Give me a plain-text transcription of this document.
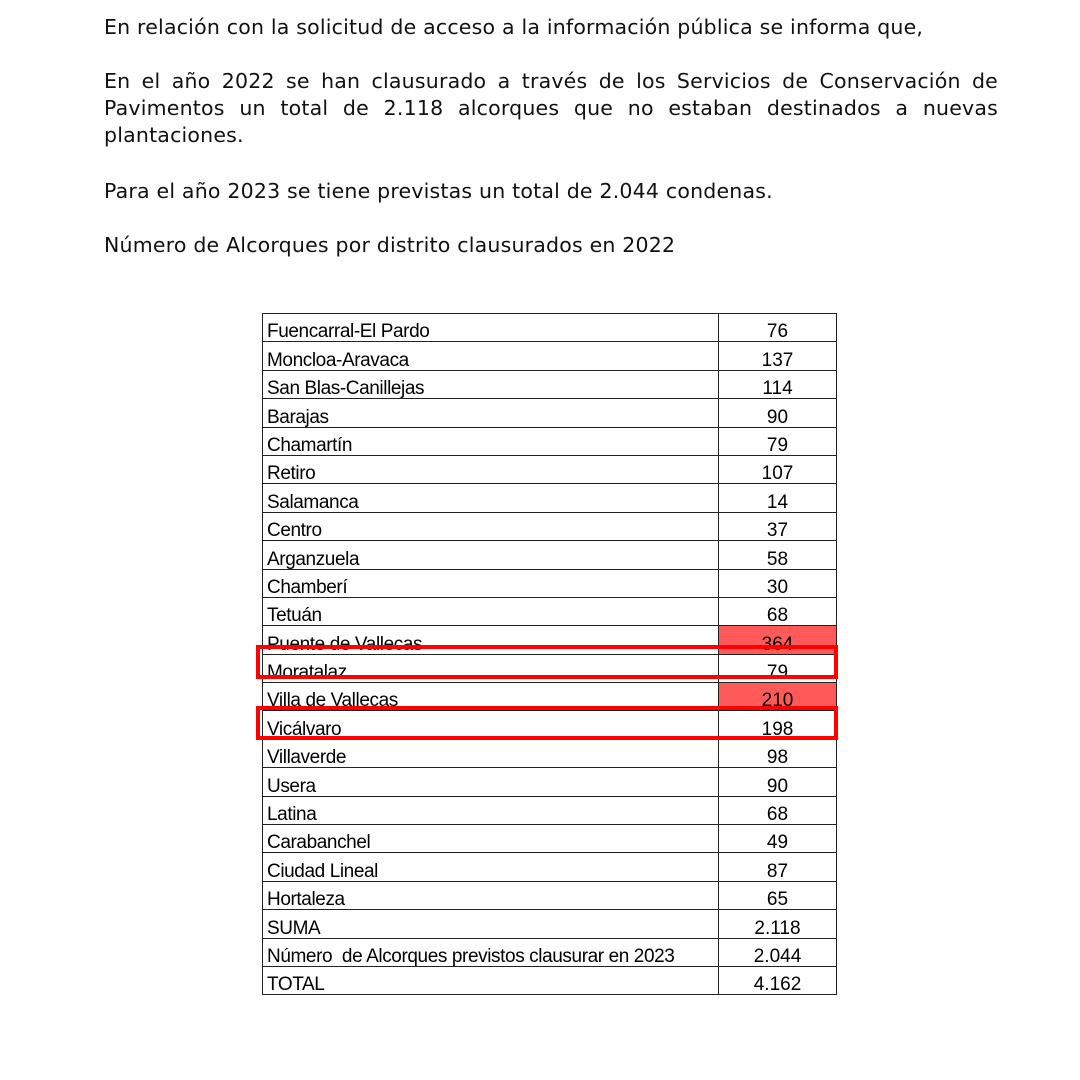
En relación con la solicitud de acceso a la información pública se informa que,

En el año 2022 se han clausurado a través de los Servicios de Conservación de Pavimentos un total de 2.118 alcorques que no estaban destinados a nuevas plantaciones.

Para el año 2023 se tiene previstas un total de 2.044 condenas.

Número de Alcorques por distrito clausurados en 2022

Fuencarral-El Pardo	76
Moncloa-Aravaca	137
San Blas-Canillejas	114
Barajas	90
Chamartín	79
Retiro	107
Salamanca	14
Centro	37
Arganzuela	58
Chamberí	30
Tetuán	68
Puente de Vallecas	364
Moratalaz	79
Villa de Vallecas	210
Vicálvaro	198
Villaverde	98
Usera	90
Latina	68
Carabanchel	49
Ciudad Lineal	87
Hortaleza	65
SUMA	2.118
Número  de Alcorques previstos clausurar en 2023	2.044
TOTAL	4.162
